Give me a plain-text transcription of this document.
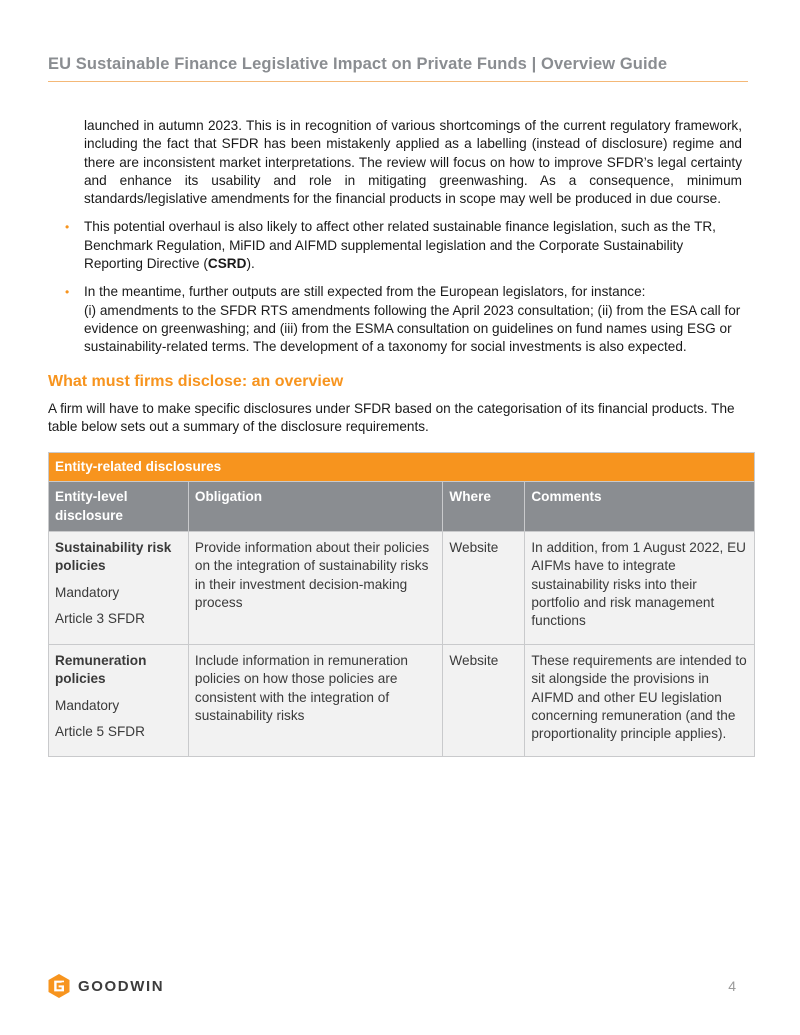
EU Sustainable Finance Legislative Impact on Private Funds | Overview Guide

launched in autumn 2023. This is in recognition of various shortcomings of the current regulatory framework, including the fact that SFDR has been mistakenly applied as a labelling (instead of disclosure) regime and there are inconsistent market interpretations. The review will focus on how to improve SFDR’s legal certainty and enhance its usability and role in mitigating greenwashing. As a consequence, minimum standards/legislative amendments for the financial products in scope may well be produced in due course.

• This potential overhaul is also likely to affect other related sustainable finance legislation, such as the TR, Benchmark Regulation, MiFID and AIFMD supplemental legislation and the Corporate Sustainability Reporting Directive (CSRD).
• In the meantime, further outputs are still expected from the European legislators, for instance:
(i) amendments to the SFDR RTS amendments following the April 2023 consultation; (ii) from the ESA call for evidence on greenwashing; and (iii) from the ESMA consultation on guidelines on fund names using ESG or sustainability-related terms. The development of a taxonomy for social investments is also expected.
What must firms disclose: an overview

A firm will have to make specific disclosures under SFDR based on the categorisation of its financial products. The table below sets out a summary of the disclosure requirements.

Entity-related disclosures			
Entity-level disclosure	Obligation	Where	Comments

Sustainability risk policies
Mandatory
Article 3 SFDR	Provide information about their policies on the integration of sustainability risks in their investment decision-making process	Website	In addition, from 1 August 2022, EU AIFMs have to integrate sustainability risks into their portfolio and risk management functions

Remuneration policies
Mandatory
Article 5 SFDR	Include information in remuneration policies on how those policies are consistent with the integration of sustainability risks	Website	These requirements are intended to sit alongside the provisions in AIFMD and other EU legislation concerning remuneration (and the proportionality principle applies).
GOODWIN	4
